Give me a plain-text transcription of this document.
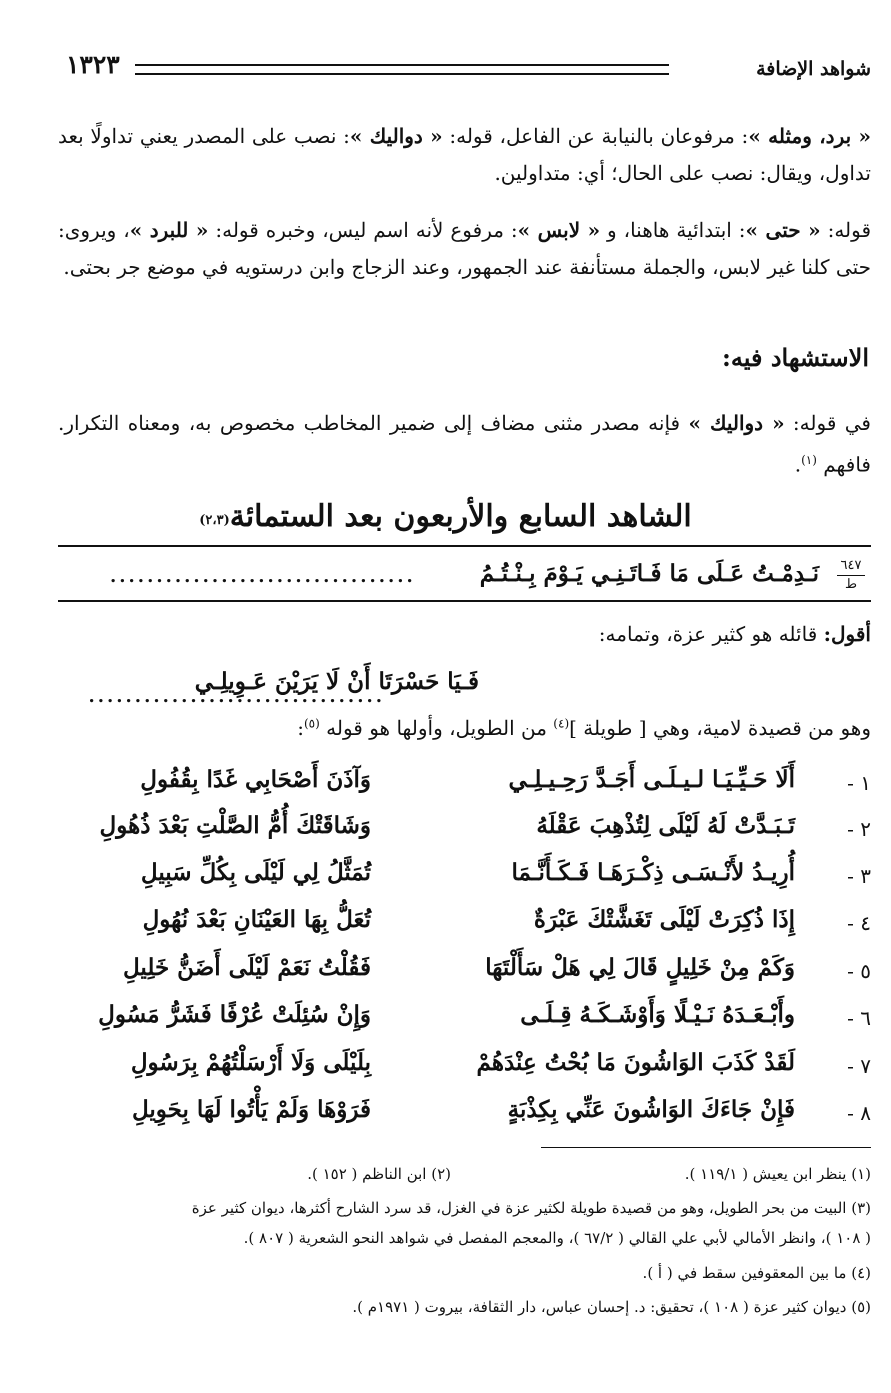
شواهد الإضافة
١٣٢٣

« برد، ومثله »: مرفوعان بالنيابة عن الفاعل، قوله: « دواليك »: نصب على المصدر يعني تداولًا بعد تداول، ويقال: نصب على الحال؛ أي: متداولين.

قوله: « حتى »: ابتدائية هاهنا، و « لابس »: مرفوع لأنه اسم ليس، وخبره قوله: « للبرد »، ويروى: حتى كلنا غير لابس، والجملة مستأنفة عند الجمهور، وعند الزجاج وابن درستويه في موضع جر بحتى.

الاستشهاد فيه:

في قوله: « دواليك » فإنه مصدر مثنى مضاف إلى ضمير المخاطب مخصوص به، ومعناه التكرار. فافهم $^{(١)}$.

الشاهد السابع والأربعون بعد الستمائة$^{(٢،٣)}$
٦٤٧
ط
نَـدِمْـتُ عَـلَى مَا فَـاتَـنِـي يَـوْمَ بِـنْـتُـمُ
.................................
أقول: قائله هو كثير عزة، وتمامه:
................................
فَـيَا حَسْرَتَا أَنْ لَا يَرَيْنَ عَـوِيلِـي
وهو من قصيدة لامية، وهي [ طويلة ]$^{(٤)}$ من الطويل، وأولها هو قوله $^{(٥)}$:
١ -
أَلَا حَـيِّـيَـا لـيـلَـى أَجَـدَّ رَحِـيـلِـي
وَآذَنَ أَصْحَابِي غَدًا بِقُفُولِ
٢ -
تَـبَـدَّتْ لَهُ لَيْلَى لِتُذْهِبَ عَقْلَهُ
وَشَاقَتْكَ أُمُّ الصَّلْتِ بَعْدَ ذُهُولِ
٣ -
أُرِيـدُ لأَنْـسَـى ذِكْـرَهَـا فَـكَـأَنَّـمَا
تُمَثَّلُ لِي لَيْلَى بِكُلِّ سَبِيلِ
٤ -
إِذَا ذُكِرَتْ لَيْلَى تَغَشَّتْكَ عَبْرَةٌ
تُعَلُّ بِهَا العَيْنَانِ بَعْدَ نُهُولِ
٥ -
وَكَمْ مِنْ خَلِيلٍ قَالَ لِي هَلْ سَأَلْتَهَا
فَقُلْتُ نَعَمْ لَيْلَى أَضَنُّ خَلِيلِ
٦ -
وأَبْـعَـدَهُ نَـيْـلًا وَأَوْشَـكَـهُ قِـلَـى
وَإِنْ سُئِلَتْ عُرْفًا فَشَرُّ مَسُولِ
٧ -
لَقَدْ كَذَبَ الوَاشُونَ مَا بُحْتُ عِنْدَهُمْ
بِلَيْلَى وَلَا أَرْسَلْتُهُمْ بِرَسُولِ
٨ -
فَإِنْ جَاءَكَ الوَاشُونَ عَنِّي بِكِذْبَةٍ
فَرَوْهَا وَلَمْ يَأْتُوا لَهَا بِحَوِيلِ
(١) ينظر ابن يعيش ( ١١٩/١ ).
(٢) ابن الناظم ( ١٥٢ ).
(٣) البيت من بحر الطويل، وهو من قصيدة طويلة لكثير عزة في الغزل، قد سرد الشارح أكثرها، ديوان كثير عزة
( ١٠٨ )، وانظر الأمالي لأبي علي القالي ( ٦٧/٢ )، والمعجم المفصل في شواهد النحو الشعرية ( ٨٠٧ ).
(٤) ما بين المعقوفين سقط في ( أ ).
(٥) ديوان كثير عزة ( ١٠٨ )، تحقيق: د. إحسان عباس، دار الثقافة، بيروت ( ١٩٧١م ).
